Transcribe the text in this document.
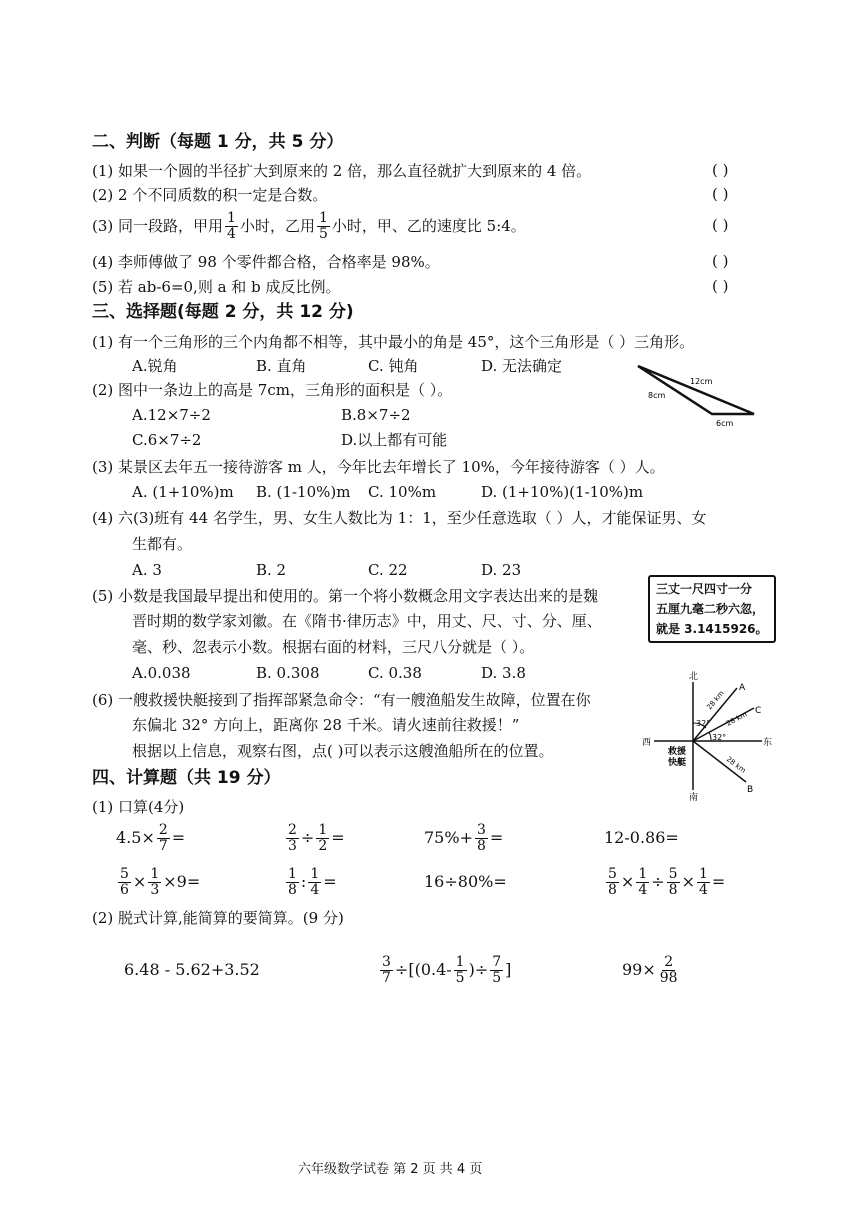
二、判断（每题 1 分，共 5 分）
(1) 如果一个圆的半径扩大到原来的 2 倍，那么直径就扩大到原来的 4 倍。	( )
(2) 2 个不同质数的积一定是合数。	( )
(3) 同一段路，甲用 $\frac{1}{4}$ 小时，乙用 $\frac{1}{5}$ 小时，甲、乙的速度比 5:4。	( )
(4) 李师傅做了 98 个零件都合格，合格率是 98%。	( )
(5) 若 ab-6=0,则 a 和 b 成反比例。	( )
三、选择题(每题 2 分，共 12 分)
(1) 有一个三角形的三个内角都不相等，其中最小的角是 45°，这个三角形是（ ）三角形。
A.锐角	B. 直角	C. 钝角	D. 无法确定
(2) 图中一条边上的高是 7cm，三角形的面积是（ ）。
A.12×7÷2	B.8×7÷2
C.6×7÷2	D.以上都有可能
12cm
8cm
6cm
(3) 某景区去年五一接待游客 m 人，今年比去年增长了 10%，今年接待游客（ ）人。
A. (1+10%)m B. (1-10%)m C. 10%m	D. (1+10%)(1-10%)m
(4) 六(3)班有 44 名学生，男、女生人数比为 1：1，至少任意选取（ ）人，才能保证男、女
生都有。
A. 3	B. 2	C. 22	D. 23
(5) 小数是我国最早提出和使用的。第一个将小数概念用文字表达出来的是魏
晋时期的数学家刘徽。在《隋书·律历志》中，用丈、尺、寸、分、厘、
毫、秒、忽表示小数。根据右面的材料，三尺八分就是（ ）。
A.0.038	B. 0.308	C. 0.38	D. 3.8
三丈一尺四寸一分
五厘九毫二秒六忽，
就是 3.1415926。
(6) 一艘救援快艇接到了指挥部紧急命令：“有一艘渔船发生故障，位置在你
东偏北 32° 方向上，距离你 28 千米。请火速前往救援！”
根据以上信息，观察右图，点( )可以表示这艘渔船所在的位置。
北
南
西	东
救援
快艇
A
C
B
32°
32°
28 km
28 km
28 km
四、计算题（共 19 分）
(1) 口算(4分)
$4.5\times \frac{2}{7}$ =	$\frac{2}{3} \div \frac{1}{2}$ =	$75\%+ \frac{3}{8}$ =	12-0.86=
$\frac{5}{6} \times \frac{1}{3} \times 9=$	$\frac{1}{8}$ : $\frac{1}{4}$ =	16÷80%=	$\frac{5}{8} \times \frac{1}{4} \div \frac{5}{8} \times \frac{1}{4}$ =
(2) 脱式计算,能简算的要简算。(9 分)
6.48 - 5.62+3.52	$\frac{3}{7} \div[(0.4- \frac{1}{5}$ )÷ $\frac{7}{5}$ ]	$99\times \frac{2}{98}$
六年级数学试卷 第 2 页 共 4 页
